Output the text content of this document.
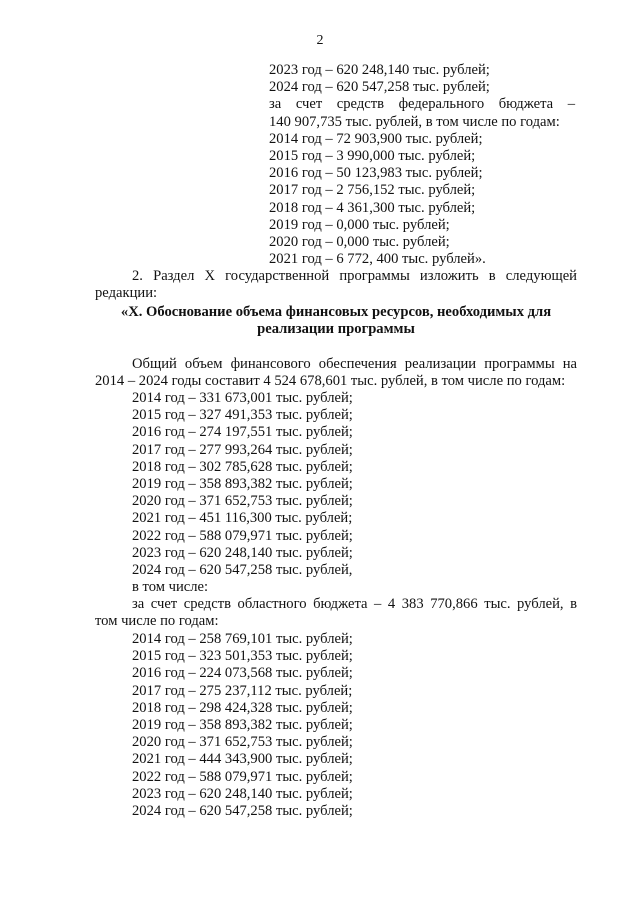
2
2023 год – 620 248,140 тыс. рублей;
2024 год – 620 547,258 тыс. рублей;
за счет средств федерального бюджета –
140 907,735 тыс. рублей, в том числе по годам:
2014 год – 72 903,900 тыс. рублей;
2015 год – 3 990,000 тыс. рублей;
2016 год – 50 123,983 тыс. рублей;
2017 год – 2 756,152 тыс. рублей;
2018 год – 4 361,300 тыс. рублей;
2019 год – 0,000 тыс. рублей;
2020 год – 0,000 тыс. рублей;
2021 год – 6 772, 400 тыс. рублей».
2. Раздел X государственной программы изложить в следующей
редакции:
«X. Обоснование объема финансовых ресурсов, необходимых для
реализации программы
Общий объем финансового обеспечения реализации программы на
2014 – 2024 годы составит 4 524 678,601 тыс. рублей, в том числе по годам:
2014 год – 331 673,001 тыс. рублей;
2015 год – 327 491,353 тыс. рублей;
2016 год – 274 197,551 тыс. рублей;
2017 год – 277 993,264 тыс. рублей;
2018 год – 302 785,628 тыс. рублей;
2019 год – 358 893,382 тыс. рублей;
2020 год – 371 652,753 тыс. рублей;
2021 год – 451 116,300 тыс. рублей;
2022 год – 588 079,971 тыс. рублей;
2023 год – 620 248,140 тыс. рублей;
2024 год – 620 547,258 тыс. рублей,
в том числе:
за счет средств областного бюджета – 4 383 770,866 тыс. рублей, в
том числе по годам:
2014 год – 258 769,101 тыс. рублей;
2015 год – 323 501,353 тыс. рублей;
2016 год – 224 073,568 тыс. рублей;
2017 год – 275 237,112 тыс. рублей;
2018 год – 298 424,328 тыс. рублей;
2019 год – 358 893,382 тыс. рублей;
2020 год – 371 652,753 тыс. рублей;
2021 год – 444 343,900 тыс. рублей;
2022 год – 588 079,971 тыс. рублей;
2023 год – 620 248,140 тыс. рублей;
2024 год – 620 547,258 тыс. рублей;
